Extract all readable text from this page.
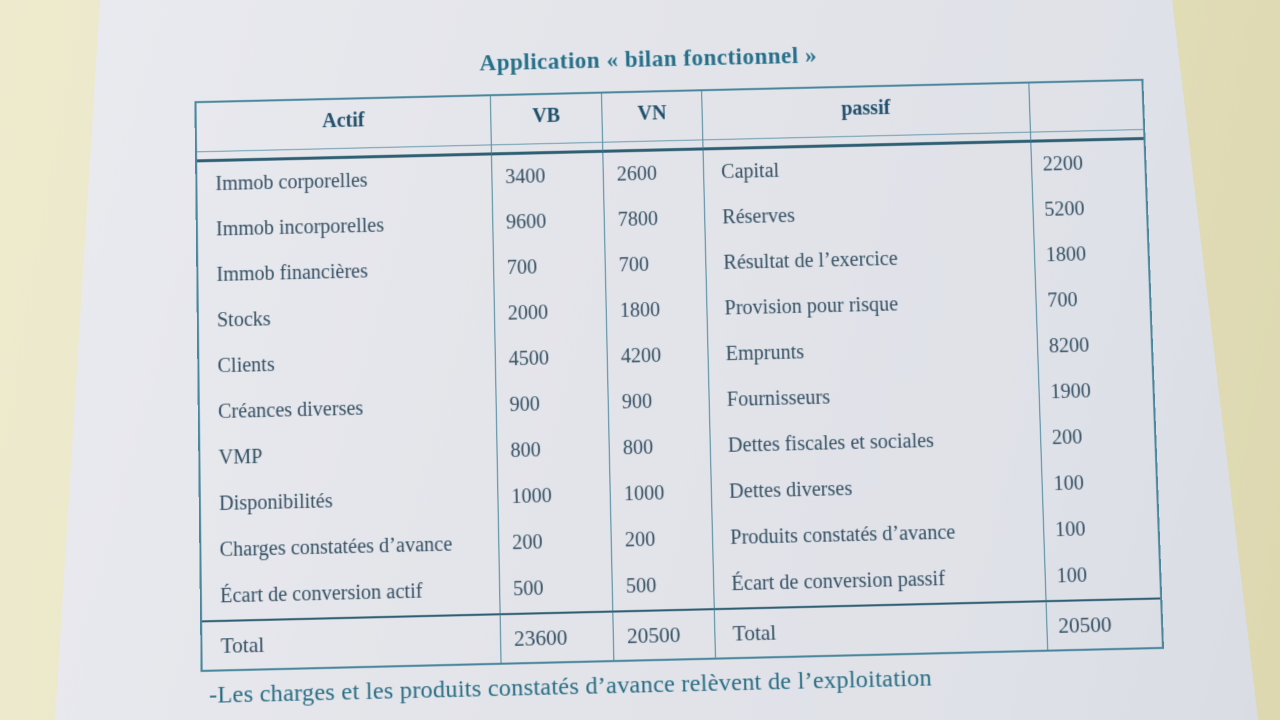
Application « bilan fonctionnel »
Actif	VB	VN	passif	

Immob corporelles	3400	2600	Capital	2200
Immob incorporelles	9600	7800	Réserves	5200
Immob financières	700	700	Résultat de l’exercice	1800
Stocks	2000	1800	Provision pour risque	700
Clients	4500	4200	Emprunts	8200
Créances diverses	900	900	Fournisseurs	1900
VMP	800	800	Dettes fiscales et sociales	200
Disponibilités	1000	1000	Dettes diverses	100
Charges constatées d’avance	200	200	Produits constatés d’avance	100
Écart de conversion actif	500	500	Écart de conversion passif	100
Total	23600	20500	Total	20500

-Les charges et les produits constatés d’avance relèvent de l’exploitation
